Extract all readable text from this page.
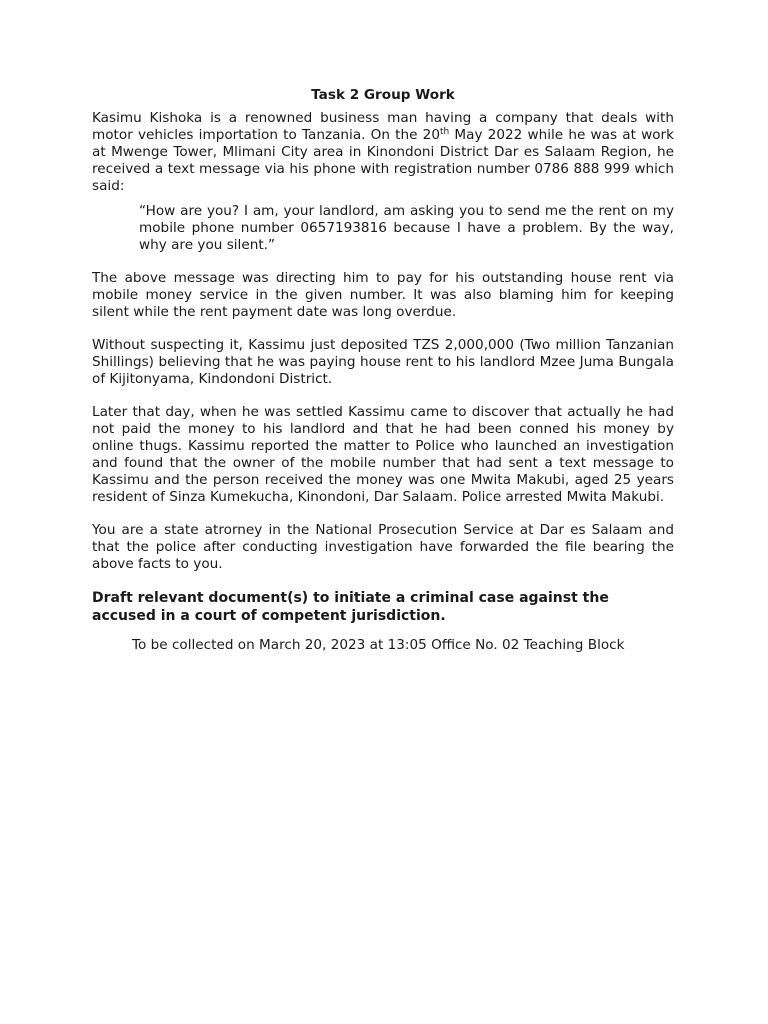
Task 2 Group Work
Kasimu Kishoka is a renowned business man having a company that deals with motor vehicles importation to Tanzania. On the 20th May 2022 while he was at work at Mwenge Tower, Mlimani City area in Kinondoni District Dar es Salaam Region, he received a text message via his phone with registration number 0786 888 999 which said:
“How are you? I am, your landlord, am asking you to send me the rent on my mobile phone number 0657193816 because I have a problem. By the way, why are you silent.”
The above message was directing him to pay for his outstanding house rent via mobile money service in the given number. It was also blaming him for keeping silent while the rent payment date was long overdue.
Without suspecting it, Kassimu just deposited TZS 2,000,000 (Two million Tanzanian Shillings) believing that he was paying house rent to his landlord Mzee Juma Bungala of Kijitonyama, Kindondoni District.
Later that day, when he was settled Kassimu came to discover that actually he had not paid the money to his landlord and that he had been conned his money by online thugs. Kassimu reported the matter to Police who launched an investigation and found that the owner of the mobile number that had sent a text message to Kassimu and the person received the money was one Mwita Makubi, aged 25 years resident of Sinza Kumekucha, Kinondoni, Dar Salaam. Police arrested Mwita Makubi.
You are a state atrorney in the National Prosecution Service at Dar es Salaam and that the police after conducting investigation have forwarded the file bearing the above facts to you.
Draft relevant document(s) to initiate a criminal case against the accused in a court of competent jurisdiction.
To be collected on March 20, 2023 at 13:05 Office No. 02 Teaching Block
